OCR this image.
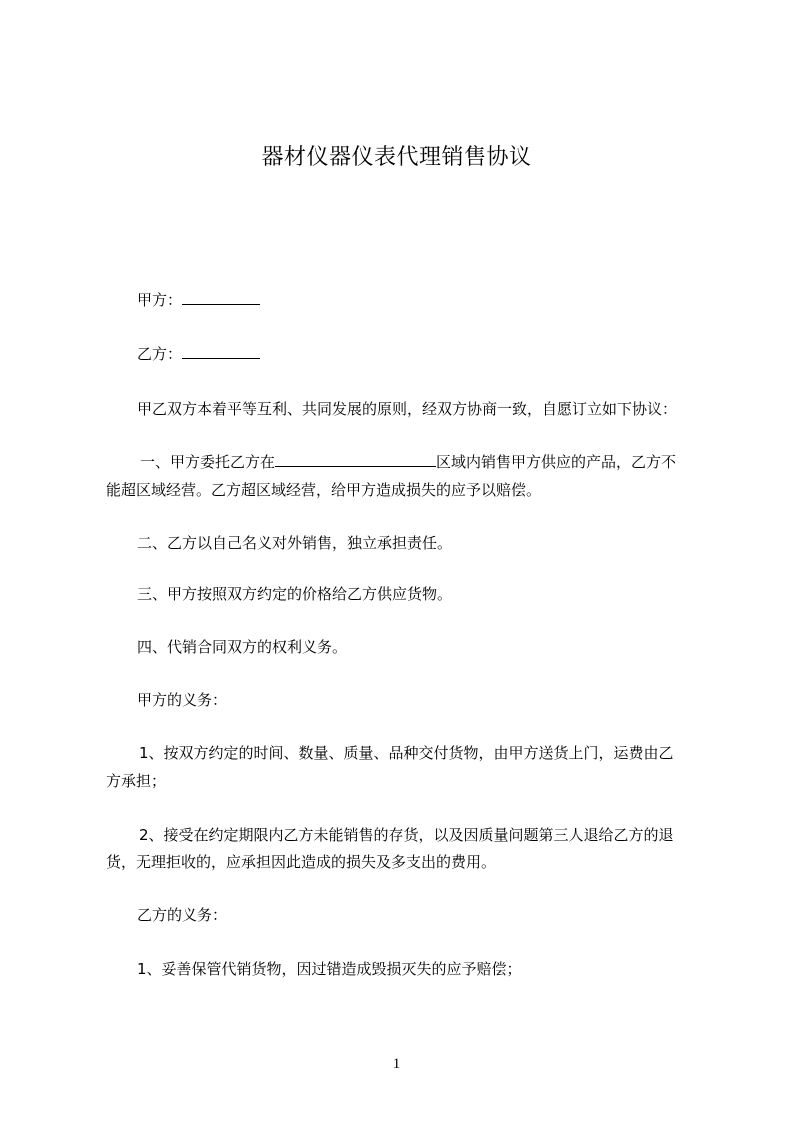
器材仪器仪表代理销售协议
甲方：
乙方：
甲乙双方本着平等互利、共同发展的原则，经双方协商一致，自愿订立如下协议：
一、甲方委托乙方在	区域内销售甲方供应的产品，乙方不
能超区域经营。乙方超区域经营，给甲方造成损失的应予以赔偿。
二、乙方以自己名义对外销售，独立承担责任。
三、甲方按照双方约定的价格给乙方供应货物。
四、代销合同双方的权利义务。
甲方的义务：
1、按双方约定的时间、数量、质量、品种交付货物，由甲方送货上门，运费由乙
方承担；
2、接受在约定期限内乙方未能销售的存货，以及因质量问题第三人退给乙方的退
货，无理拒收的，应承担因此造成的损失及多支出的费用。
乙方的义务：
1、妥善保管代销货物，因过错造成毁损灭失的应予赔偿；
1
